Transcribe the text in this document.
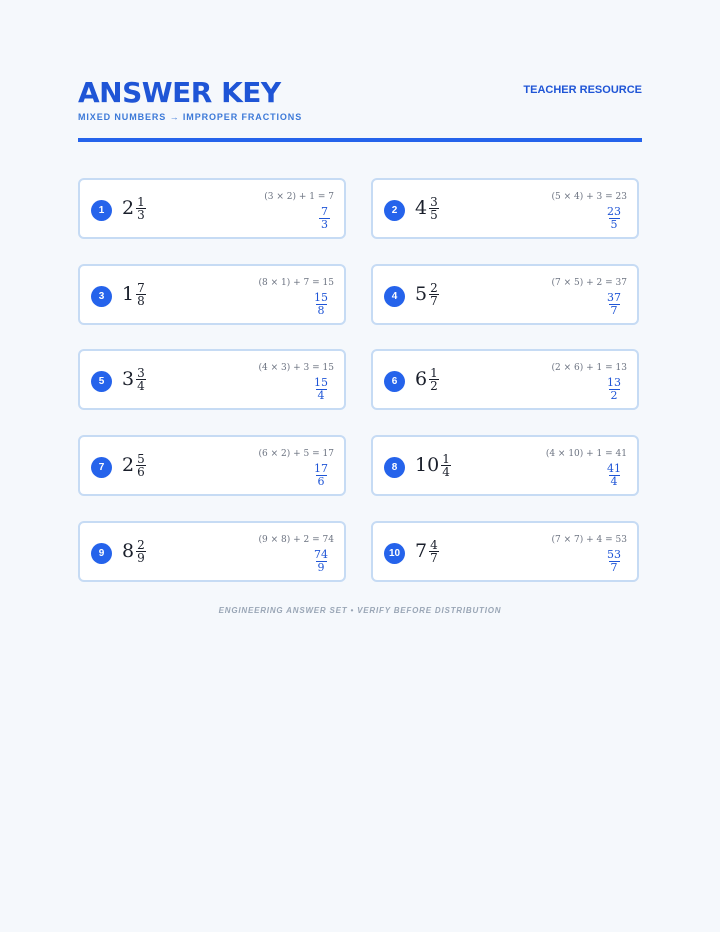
ANSWER KEY
MIXED NUMBERS → IMPROPER FRACTIONS
TEACHER RESOURCE
1 $2 \frac{1}{3}$	(3 × 2) + 1 = 7
$\frac{7}{3}$	2 $4 \frac{3}{5}$	(5 × 4) + 3 = 23
$\frac{23}{5}$
3 $1 \frac{7}{8}$	(8 × 1) + 7 = 15
$\frac{15}{8}$	4 $5 \frac{2}{7}$	(7 × 5) + 2 = 37
$\frac{37}{7}$
5 $3 \frac{3}{4}$	(4 × 3) + 3 = 15
$\frac{15}{4}$	6 $6 \frac{1}{2}$	(2 × 6) + 1 = 13
$\frac{13}{2}$
7 $2 \frac{5}{6}$	(6 × 2) + 5 = 17
$\frac{17}{6}$	8 $10 \frac{1}{4}$	(4 × 10) + 1 = 41
$\frac{41}{4}$
9 $8 \frac{2}{9}$	(9 × 8) + 2 = 74
$\frac{74}{9}$	10 $7 \frac{4}{7}$	(7 × 7) + 4 = 53
$\frac{53}{7}$
ENGINEERING ANSWER SET • VERIFY BEFORE DISTRIBUTION
